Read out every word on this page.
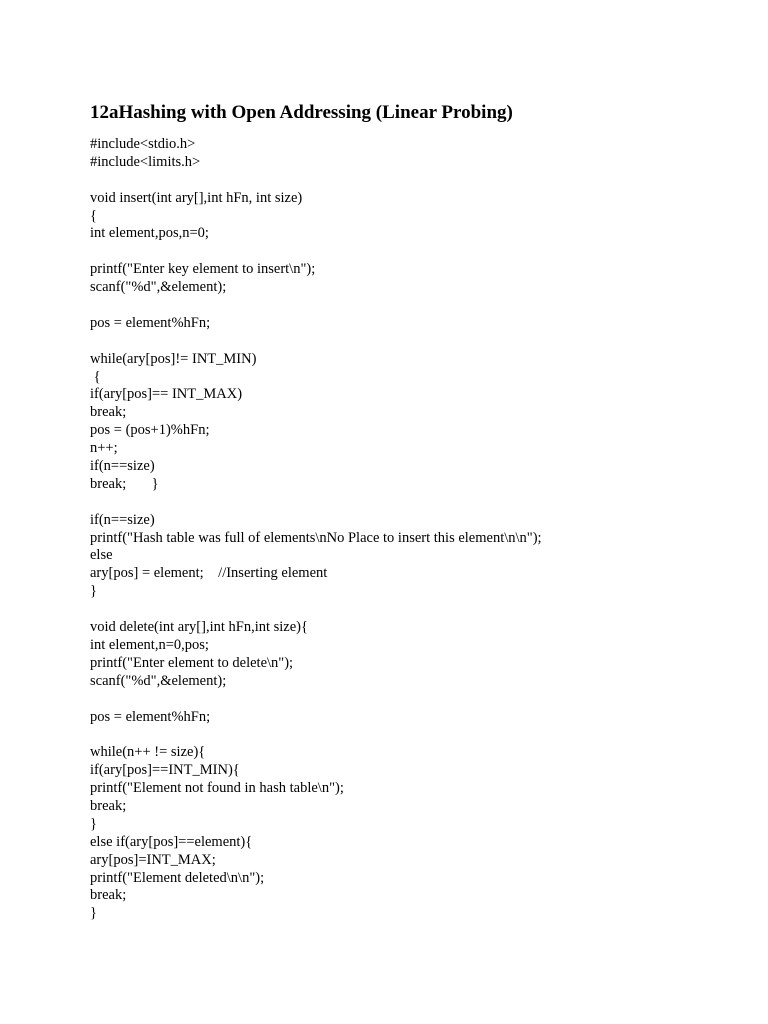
12aHashing with Open Addressing (Linear Probing)
#include<stdio.h>
#include<limits.h>
void insert(int ary[],int hFn, int size)
{
int element,pos,n=0;
printf("Enter key element to insert\n");
scanf("%d",&element);
pos = element%hFn;
while(ary[pos]!= INT_MIN)
{
if(ary[pos]== INT_MAX)
break;
pos = (pos+1)%hFn;
n++;
if(n==size)
break;       }
if(n==size)
printf("Hash table was full of elements\nNo Place to insert this element\n\n");
else
ary[pos] = element;    //Inserting element
}
void delete(int ary[],int hFn,int size){
int element,n=0,pos;
printf("Enter element to delete\n");
scanf("%d",&element);
pos = element%hFn;
while(n++ != size){
if(ary[pos]==INT_MIN){
printf("Element not found in hash table\n");
break;
}
else if(ary[pos]==element){
ary[pos]=INT_MAX;
printf("Element deleted\n\n");
break;
}
